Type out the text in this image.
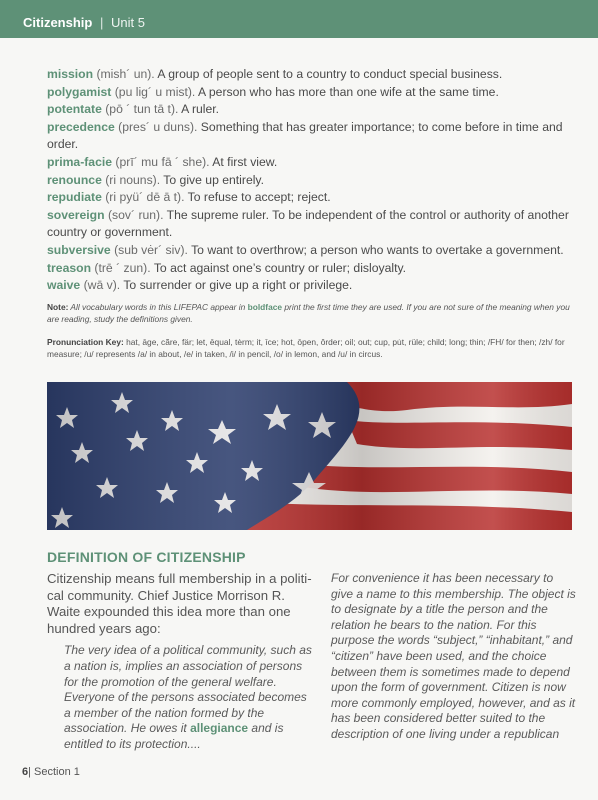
Citizenship | Unit 5

mission (mish´ un). A group of people sent to a country to conduct special business.

polygamist (pu lig´ u mist). A person who has more than one wife at the same time.

potentate (pō ´ tun tā t). A ruler.

precedence (pres´ u duns). Something that has greater importance; to come before in time and order.

prima-facie (prī´ mu fā ´ she). At first view.

renounce (ri nouns). To give up entirely.

repudiate (ri pyü´ dē ā t). To refuse to accept; reject.

sovereign (sov´ run). The supreme ruler. To be independent of the control or authority of another country or government.

subversive (sub vėr´ siv). To want to overthrow; a person who wants to overtake a government.

treason (trē ´ zun). To act against one’s country or ruler; disloyalty.

waive (wā v). To surrender or give up a right or privilege.

Note: All vocabulary words in this LIFEPAC appear in boldface print the first time they are used. If you are not sure of the meaning when you are reading, study the definitions given.
Pronunciation Key: hat, āge, cãre, fär; let, ēqual, tėrm; it, īce; hot, ōpen, ôrder; oil; out; cup, pu̇t, rüle; child; long; thin; /FH/ for then; /zh/ for measure; /u/ represents /a/ in about, /e/ in taken, /i/ in pencil, /o/ in lemon, and /u/ in circus.
DEFINITION OF CITIZENSHIP
Citizenship means full membership in a political community. Chief Justice Morrison R. Waite expounded this idea more than one hundred years ago:
The very idea of a political community, such as a nation is, implies an association of persons for the promotion of the general welfare. Everyone of the persons associated becomes a member of the nation formed by the association. He owes it allegiance and is entitled to its protection....
For convenience it has been necessary to give a name to this membership. The object is to designate by a title the person and the relation he bears to the nation. For this purpose the words “subject,” “inhabitant,” and “citizen” have been used, and the choice between them is sometimes made to depend upon the form of government. Citizen is now more commonly employed, however, and as it has been considered better suited to the description of one living under a republican
6| Section 1
